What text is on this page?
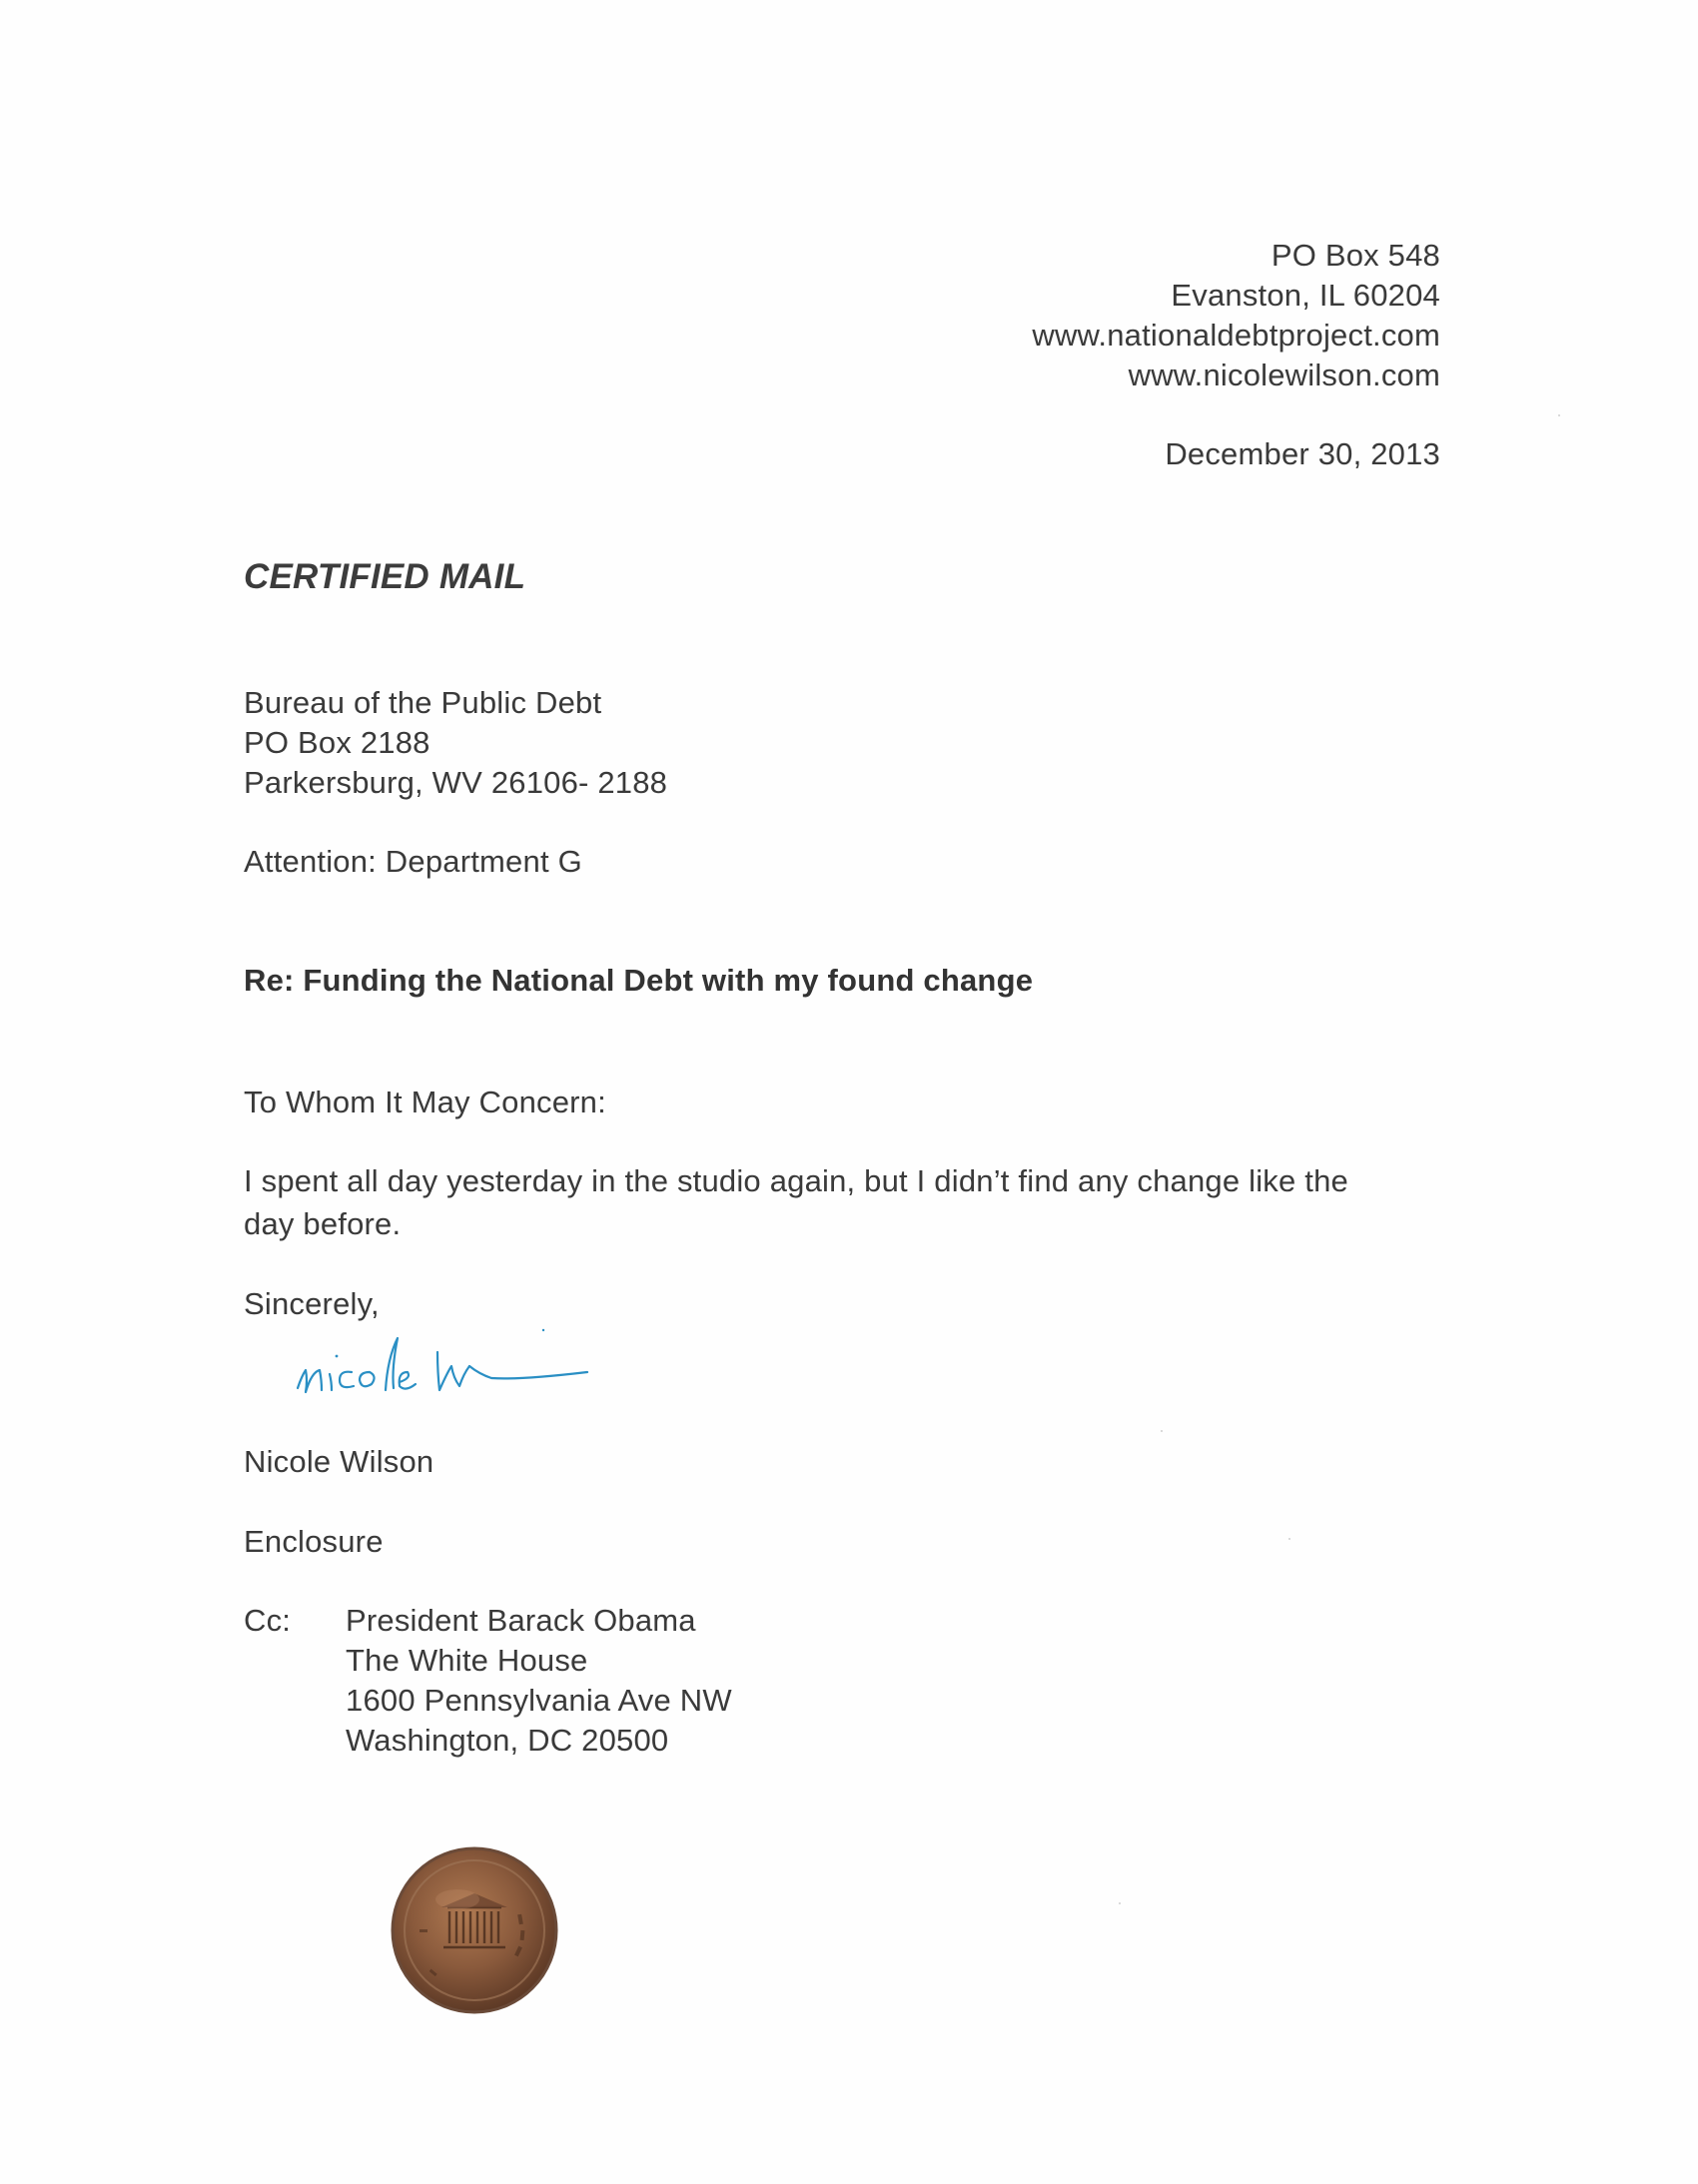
PO Box 548
Evanston, IL 60204
www.nationaldebtproject.com
www.nicolewilson.com
December 30, 2013
CERTIFIED MAIL
Bureau of the Public Debt
PO Box 2188
Parkersburg, WV 26106- 2188
Attention: Department G
Re: Funding the National Debt with my found change
To Whom It May Concern:
I spent all day yesterday in the studio again, but I didn’t find any change like the
day before.
Sincerely,
Nicole Wilson
Enclosure
Cc: President Barack Obama
The White House
1600 Pennsylvania Ave NW
Washington, DC 20500
